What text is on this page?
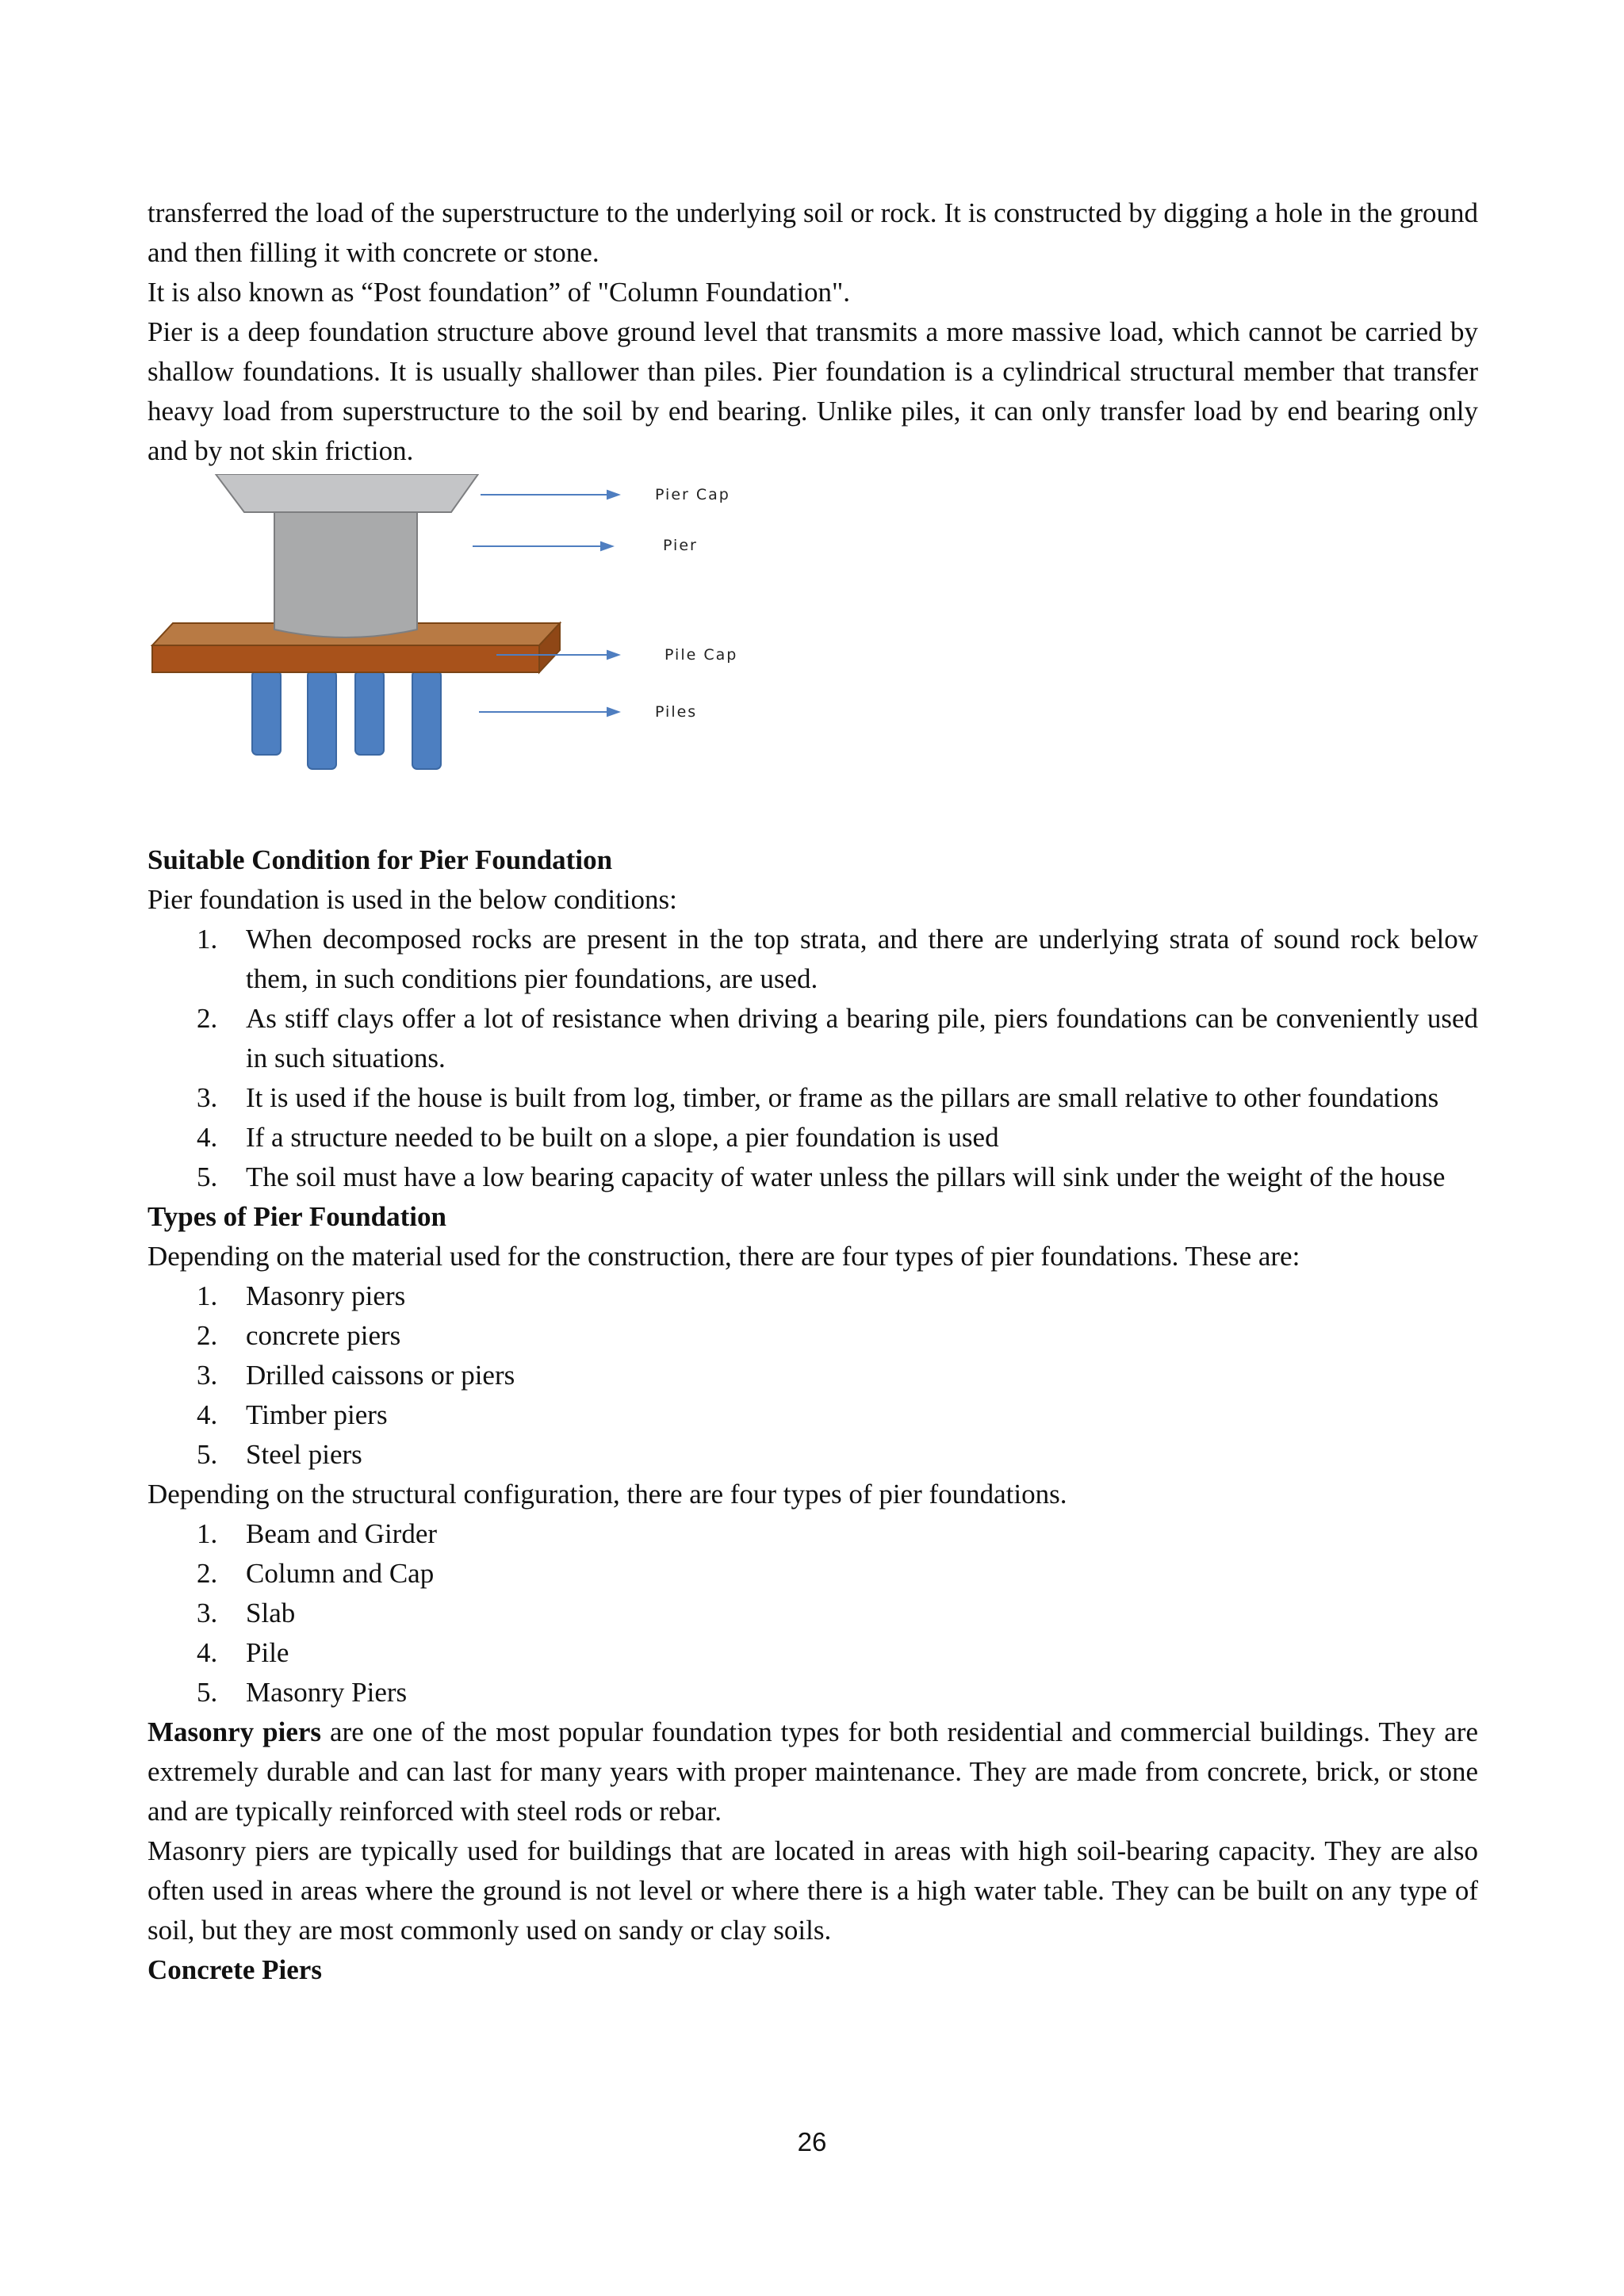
transferred the load of the superstructure to the underlying soil or rock. It is constructed by digging a hole in the ground and then filling it with concrete or stone.

It is also known as “Post foundation” of "Column Foundation".

Pier is a deep foundation structure above ground level that transmits a more massive load, which cannot be carried by shallow foundations. It is usually shallower than piles. Pier foundation is a cylindrical structural member that transfer heavy load from superstructure to the soil by end bearing. Unlike piles, it can only transfer load by end bearing only and by not skin friction.

Pier Cap
Pier
Pile Cap
Piles

Suitable Condition for Pier Foundation

Pier foundation is used in the below conditions:

1.	When decomposed rocks are present in the top strata, and there are underlying strata of sound rock below them, in such conditions pier foundations, are used.
2.	As stiff clays offer a lot of resistance when driving a bearing pile, piers foundations can be conveniently used in such situations.
3.	It is used if the house is built from log, timber, or frame as the pillars are small relative to other foundations
4.	If a structure needed to be built on a slope, a pier foundation is used
5.	The soil must have a low bearing capacity of water unless the pillars will sink under the weight of the house

Types of Pier Foundation

Depending on the material used for the construction, there are four types of pier foundations. These are:

1.	Masonry piers
2.	concrete piers
3.	Drilled caissons or piers
4.	Timber piers
5.	Steel piers

Depending on the structural configuration, there are four types of pier foundations.

1.	Beam and Girder
2.	Column and Cap
3.	Slab
4.	Pile
5.	Masonry Piers

Masonry piers are one of the most popular foundation types for both residential and commercial buildings. They are extremely durable and can last for many years with proper maintenance. They are made from concrete, brick, or stone and are typically reinforced with steel rods or rebar.

Masonry piers are typically used for buildings that are located in areas with high soil-bearing capacity. They are also often used in areas where the ground is not level or where there is a high water table. They can be built on any type of soil, but they are most commonly used on sandy or clay soils.

Concrete Piers

26
